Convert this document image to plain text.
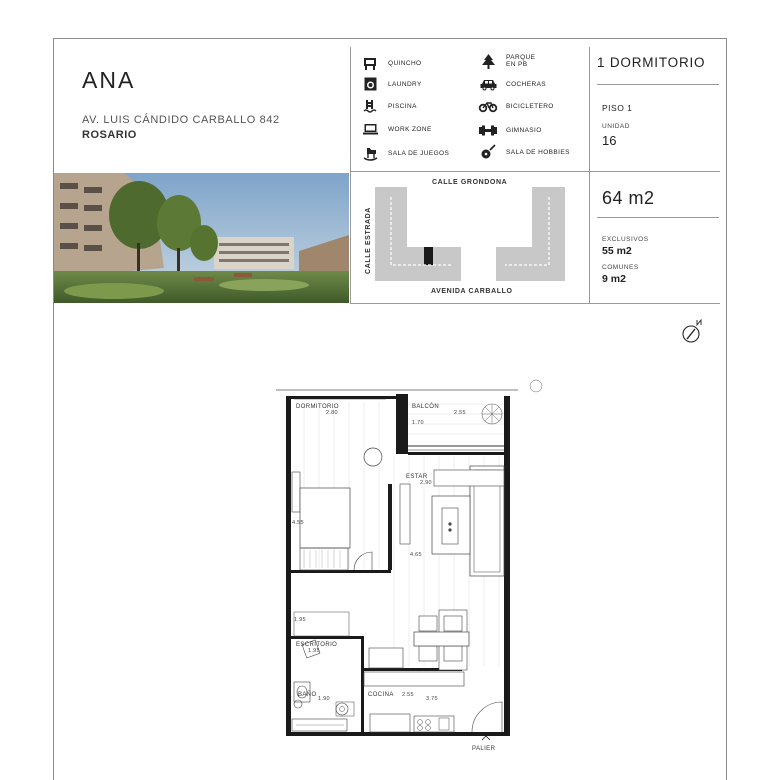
ANA
AV. LUIS CÁNDIDO CARBALLO 842
ROSARIO
QUINCHO
LAUNDRY
PISCINA
WORK ZONE
SALA DE JUEGOS
PARQUE
EN PB
COCHERAS
BICICLETERO
GIMNASIO
SALA DE HOBBIES
1 DORMITORIO
PISO 1
UNIDAD
16
64 m2
EXCLUSIVOS
55 m2
COMUNES
9 m2
CALLE GRONDONA
CALLE ESTRADA
AVENIDA CARBALLO
DORMITORIO
2.80
BALCÓN
2.55
1.70
4.55
ESTAR
2.90
4.65
1.95
ESCRITORIO
1.95
BAÑO
1.90
COCINA 2.55
3.75
PALIER
